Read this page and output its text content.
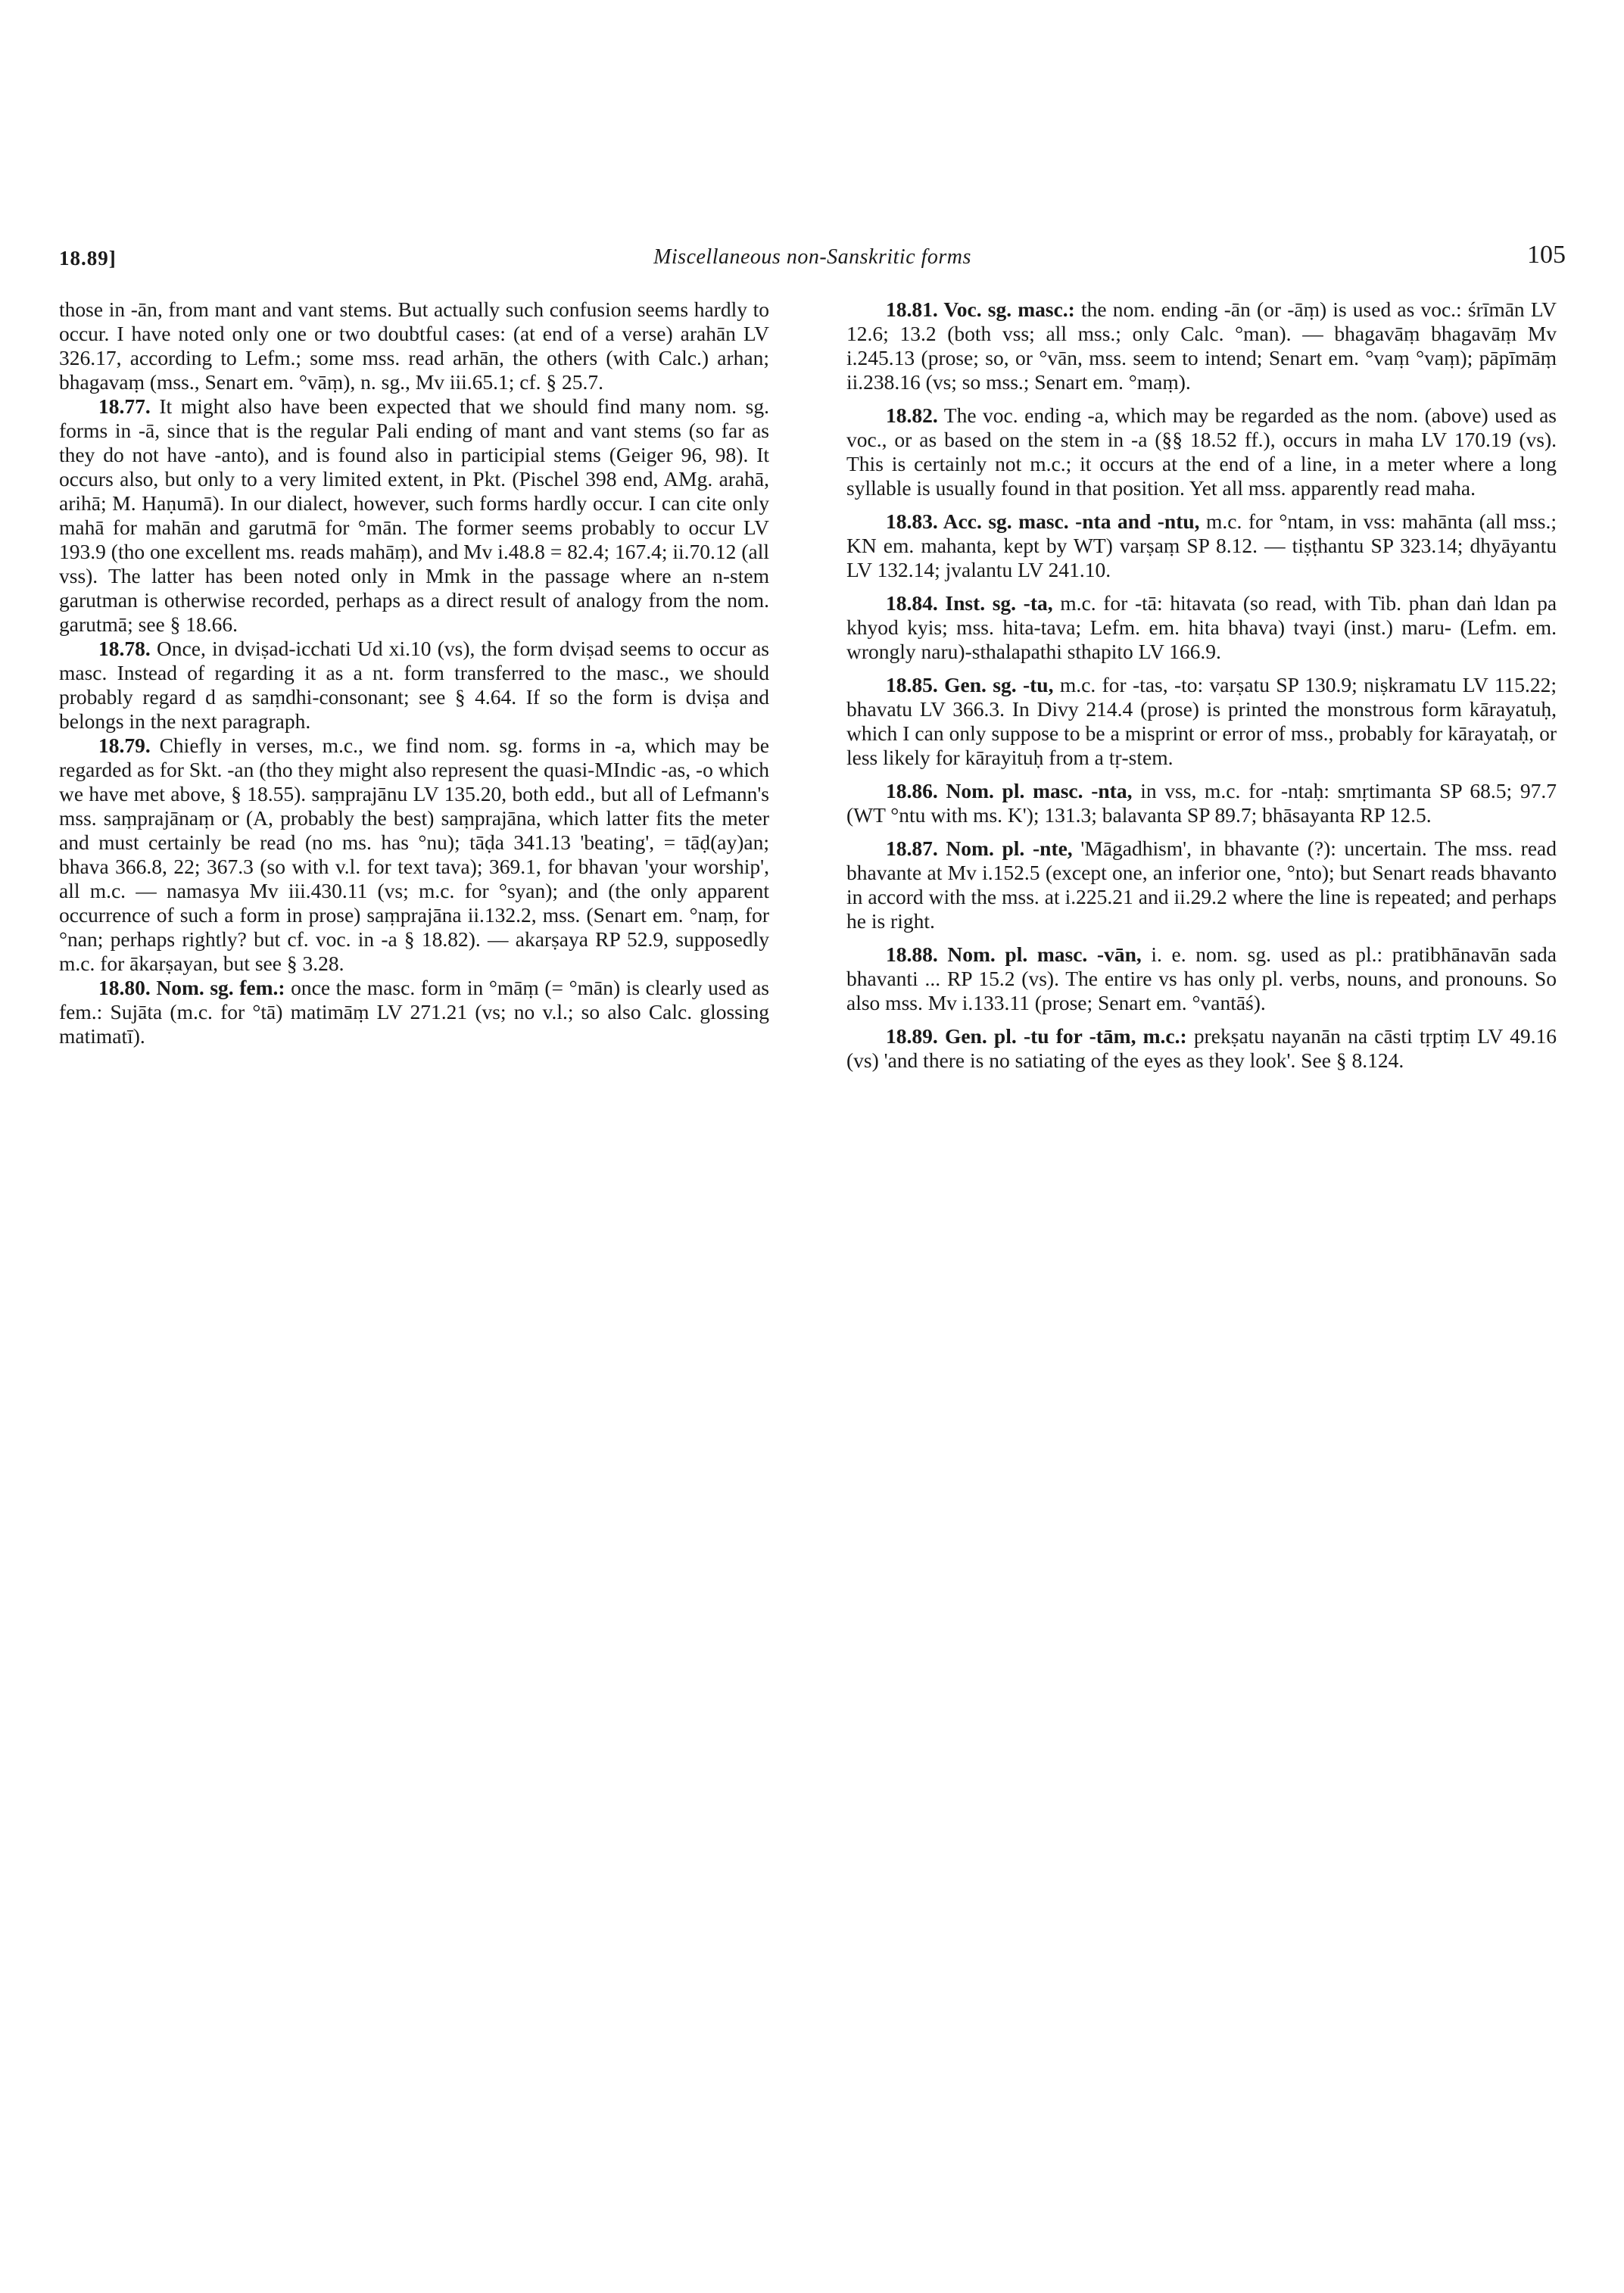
18.89]	Miscellaneous non-Sanskritic forms	105

those in -ān, from mant and vant stems. But actually such confusion seems hardly to occur. I have noted only one or two doubtful cases: (at end of a verse) arahān LV 326.17, according to Lefm.; some mss. read arhān, the others (with Calc.) arhan; bhagavaṃ (mss., Senart em. °vāṃ), n. sg., Mv iii.65.1; cf. § 25.7.

18.77. It might also have been expected that we should find many nom. sg. forms in -ā, since that is the regular Pali ending of mant and vant stems (so far as they do not have -anto), and is found also in participial stems (Geiger 96, 98). It occurs also, but only to a very limited extent, in Pkt. (Pischel 398 end, AMg. arahā, arihā; M. Haṇumā). In our dialect, however, such forms hardly occur. I can cite only mahā for mahān and garutmā for °mān. The former seems probably to occur LV 193.9 (tho one excellent ms. reads mahāṃ), and Mv i.48.8 = 82.4; 167.4; ii.70.12 (all vss). The latter has been noted only in Mmk in the passage where an n-stem garutman is otherwise recorded, perhaps as a direct result of analogy from the nom. garutmā; see § 18.66.

18.78. Once, in dviṣad-icchati Ud xi.10 (vs), the form dviṣad seems to occur as masc. Instead of regarding it as a nt. form transferred to the masc., we should probably regard d as saṃdhi-consonant; see § 4.64. If so the form is dviṣa and belongs in the next paragraph.

18.79. Chiefly in verses, m.c., we find nom. sg. forms in -a, which may be regarded as for Skt. -an (tho they might also represent the quasi-MIndic -as, -o which we have met above, § 18.55). saṃprajānu LV 135.20, both edd., but all of Lefmann's mss. saṃprajānaṃ or (A, probably the best) saṃprajāna, which latter fits the meter and must certainly be read (no ms. has °nu); tāḍa 341.13 'beating', = tāḍ(ay)an; bhava 366.8, 22; 367.3 (so with v.l. for text tava); 369.1, for bhavan 'your worship', all m.c. — namasya Mv iii.430.11 (vs; m.c. for °syan); and (the only apparent occurrence of such a form in prose) saṃprajāna ii.132.2, mss. (Senart em. °naṃ, for °nan; perhaps rightly? but cf. voc. in -a § 18.82). — akarṣaya RP 52.9, supposedly m.c. for ākarṣayan, but see § 3.28.

18.80. Nom. sg. fem.: once the masc. form in °māṃ (= °mān) is clearly used as fem.: Sujāta (m.c. for °tā) matimāṃ LV 271.21 (vs; no v.l.; so also Calc. glossing matimatī).

18.81. Voc. sg. masc.: the nom. ending -ān (or -āṃ) is used as voc.: śrīmān LV 12.6; 13.2 (both vss; all mss.; only Calc. °man). — bhagavāṃ bhagavāṃ Mv i.245.13 (prose; so, or °vān, mss. seem to intend; Senart em. °vaṃ °vaṃ); pāpīmāṃ ii.238.16 (vs; so mss.; Senart em. °maṃ).

18.82. The voc. ending -a, which may be regarded as the nom. (above) used as voc., or as based on the stem in -a (§§ 18.52 ff.), occurs in maha LV 170.19 (vs). This is certainly not m.c.; it occurs at the end of a line, in a meter where a long syllable is usually found in that position. Yet all mss. apparently read maha.

18.83. Acc. sg. masc. -nta and -ntu, m.c. for °ntam, in vss: mahānta (all mss.; KN em. mahanta, kept by WT) varṣaṃ SP 8.12. — tiṣṭhantu SP 323.14; dhyāyantu LV 132.14; jvalantu LV 241.10.

18.84. Inst. sg. -ta, m.c. for -tā: hitavata (so read, with Tib. phan daṅ ldan pa khyod kyis; mss. hita-tava; Lefm. em. hita bhava) tvayi (inst.) maru- (Lefm. em. wrongly naru)-sthalapathi sthapito LV 166.9.

18.85. Gen. sg. -tu, m.c. for -tas, -to: varṣatu SP 130.9; niṣkramatu LV 115.22; bhavatu LV 366.3. In Divy 214.4 (prose) is printed the monstrous form kārayatuḥ, which I can only suppose to be a misprint or error of mss., probably for kārayataḥ, or less likely for kārayituḥ from a tṛ-stem.

18.86. Nom. pl. masc. -nta, in vss, m.c. for -ntaḥ: smṛtimanta SP 68.5; 97.7 (WT °ntu with ms. K'); 131.3; balavanta SP 89.7; bhāsayanta RP 12.5.

18.87. Nom. pl. -nte, 'Māgadhism', in bhavante (?): uncertain. The mss. read bhavante at Mv i.152.5 (except one, an inferior one, °nto); but Senart reads bhavanto in accord with the mss. at i.225.21 and ii.29.2 where the line is repeated; and perhaps he is right.

18.88. Nom. pl. masc. -vān, i. e. nom. sg. used as pl.: pratibhānavān sada bhavanti ... RP 15.2 (vs). The entire vs has only pl. verbs, nouns, and pronouns. So also mss. Mv i.133.11 (prose; Senart em. °vantāś).

18.89. Gen. pl. -tu for -tām, m.c.: prekṣatu nayanān na cāsti tṛptiṃ LV 49.16 (vs) 'and there is no satiating of the eyes as they look'. See § 8.124.
